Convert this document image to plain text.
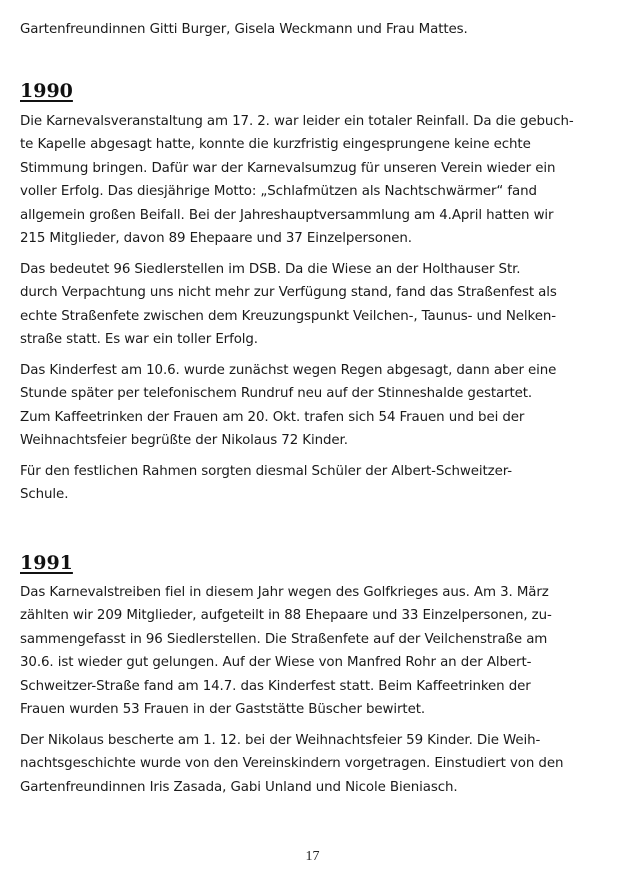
Gartenfreundinnen Gitti Burger, Gisela Weckmann und Frau Mattes.

1990

Die Karnevalsveranstaltung am 17. 2. war leider ein totaler Reinfall. Da die gebuch-
te Kapelle abgesagt hatte, konnte die kurzfristig eingesprungene keine echte
Stimmung bringen. Dafür war der Karnevalsumzug für unseren Verein wieder ein
voller Erfolg. Das diesjährige Motto: „Schlafmützen als Nachtschwärmer“ fand
allgemein großen Beifall. Bei der Jahreshauptversammlung am 4.April hatten wir
215 Mitglieder, davon 89 Ehepaare und 37 Einzelpersonen.

Das bedeutet 96 Siedlerstellen im DSB. Da die Wiese an der Holthauser Str.
durch Verpachtung uns nicht mehr zur Verfügung stand, fand das Straßenfest als
echte Straßenfete zwischen dem Kreuzungspunkt Veilchen-, Taunus- und Nelken-
straße statt. Es war ein toller Erfolg.

Das Kinderfest am 10.6. wurde zunächst wegen Regen abgesagt, dann aber eine
Stunde später per telefonischem Rundruf neu auf der Stinneshalde gestartet.
Zum Kaffeetrinken der Frauen am 20. Okt. trafen sich 54 Frauen und bei der
Weihnachtsfeier begrüßte der Nikolaus 72 Kinder.

Für den festlichen Rahmen sorgten diesmal Schüler der Albert-Schweitzer-
Schule.

1991

Das Karnevalstreiben fiel in diesem Jahr wegen des Golfkrieges aus. Am 3. März
zählten wir 209 Mitglieder, aufgeteilt in 88 Ehepaare und 33 Einzelpersonen, zu-
sammengefasst in 96 Siedlerstellen. Die Straßenfete auf der Veilchenstraße am
30.6. ist wieder gut gelungen. Auf der Wiese von Manfred Rohr an der Albert-
Schweitzer-Straße fand am 14.7. das Kinderfest statt. Beim Kaffeetrinken der
Frauen wurden 53 Frauen in der Gaststätte Büscher bewirtet.

Der Nikolaus bescherte am 1. 12. bei der Weihnachtsfeier 59 Kinder. Die Weih-
nachtsgeschichte wurde von den Vereinskindern vorgetragen. Einstudiert von den
Gartenfreundinnen Iris Zasada, Gabi Unland und Nicole Bieniasch.

17
